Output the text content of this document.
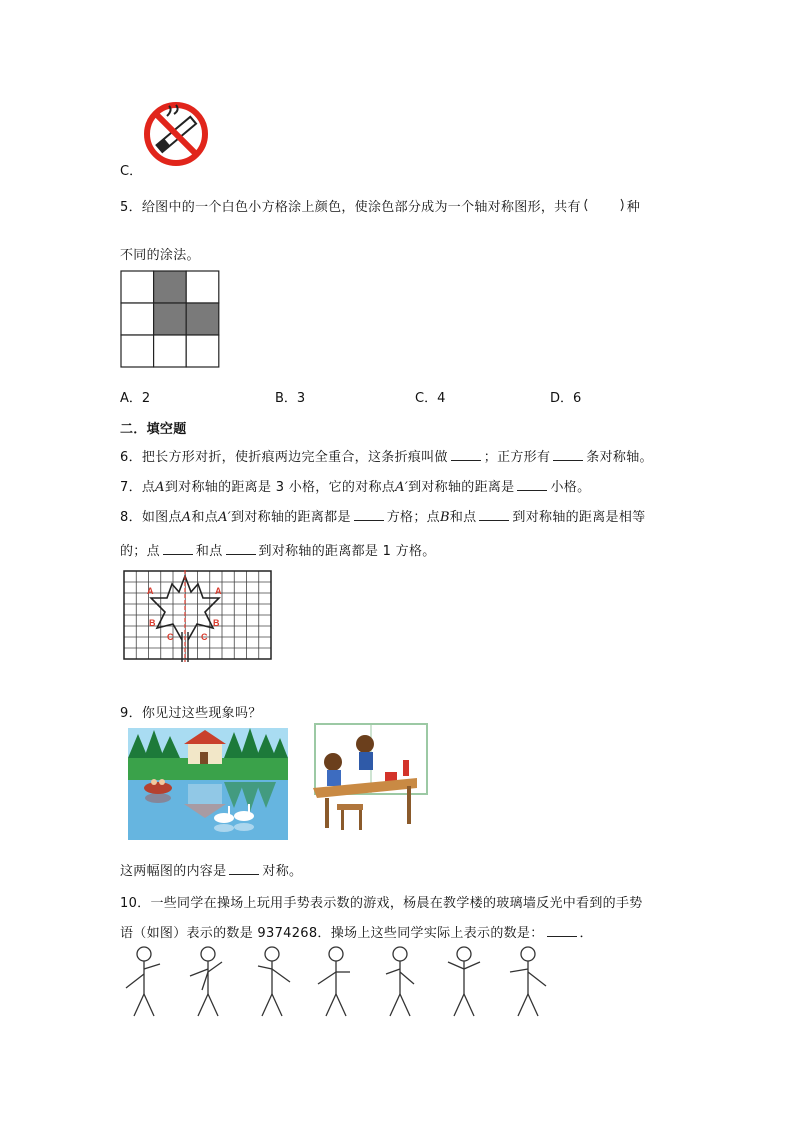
C．
5．给图中的一个白色小方格涂上颜色，使涂色部分成为一个轴对称图形，共有	种
不同的涂法。
A．2	B．3	C．4	D．6
二．填空题
6．把长方形对折，使折痕两边完全重合，这条折痕叫做	；正方形有	条对称轴。
7．点A到对称轴的距离是 3 小格，它的对称点A′到对称轴的距离是	小格。
8．如图点A和点A′到对称轴的距离都是	方格；点B和点	到对称轴的距离是相等
的；点	和点	到对称轴的距离都是 1 方格。
A	A
B	B
C	C
9．你见过这些现象吗？
这两幅图的内容是	对称。
10．一些同学在操场上玩用手势表示数的游戏，杨晨在教学楼的玻璃墙反光中看到的手势
语（如图）表示的数是 9374268．操场上这些同学实际上表示的数是：	．
